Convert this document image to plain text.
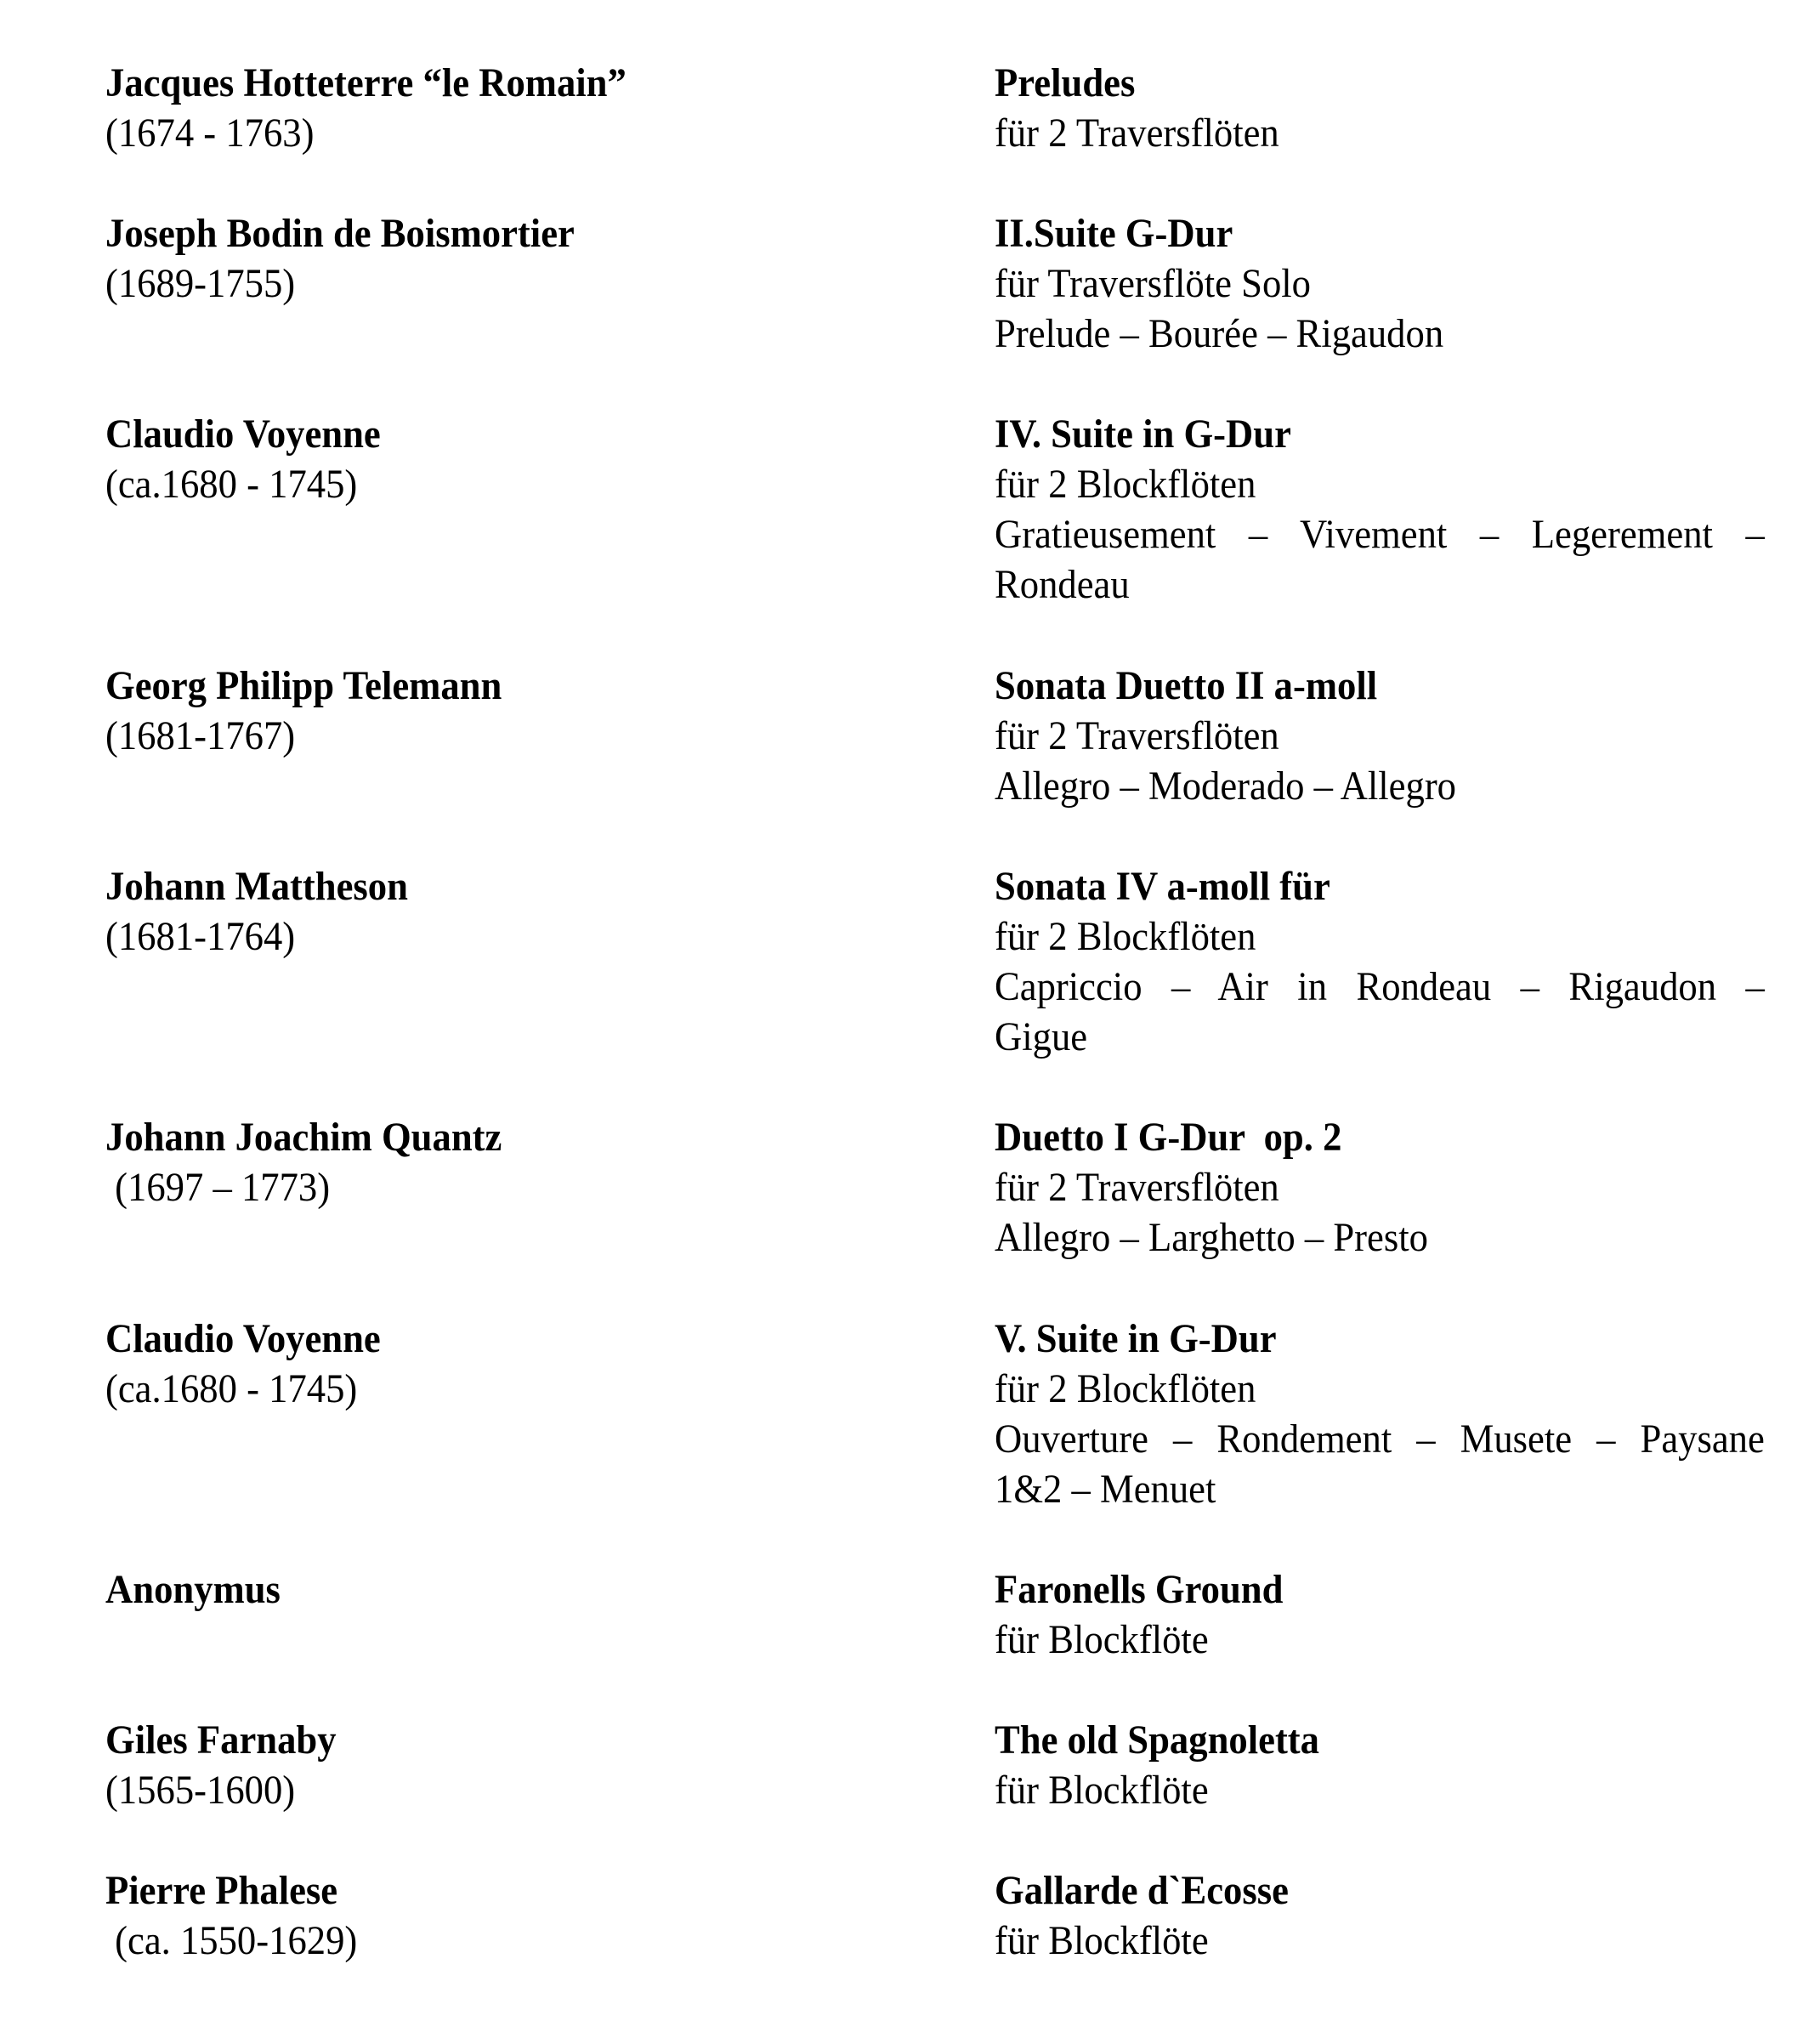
Jacques Hotteterre “le Romain”
(1674 - 1763)
Joseph Bodin de Boismortier
(1689-1755)
Claudio Voyenne
(ca.1680 - 1745)
Georg Philipp Telemann
(1681-1767)
Johann Mattheson
(1681-1764)
Johann Joachim Quantz
(1697 – 1773)
Claudio Voyenne
(ca.1680 - 1745)
Anonymus
Giles Farnaby
(1565-1600)
Pierre Phalese
(ca. 1550-1629)
Preludes
für 2 Traversflöten
II.Suite G-Dur
für Traversflöte Solo
Prelude – Bourée – Rigaudon
IV. Suite in G-Dur
für 2 Blockflöten
Gratieusement – Vivement – Legerement –
Rondeau
Sonata Duetto II a-moll
für 2 Traversflöten
Allegro – Moderado – Allegro
Sonata IV a-moll für
für 2 Blockflöten
Capriccio – Air in Rondeau – Rigaudon –
Gigue
Duetto I G-Dur  op. 2
für 2 Traversflöten
Allegro – Larghetto – Presto
V. Suite in G-Dur
für 2 Blockflöten
Ouverture – Rondement – Musete – Paysane
1&2 – Menuet
Faronells Ground
für Blockflöte
The old Spagnoletta
für Blockflöte
Gallarde d`Ecosse
für Blockflöte
